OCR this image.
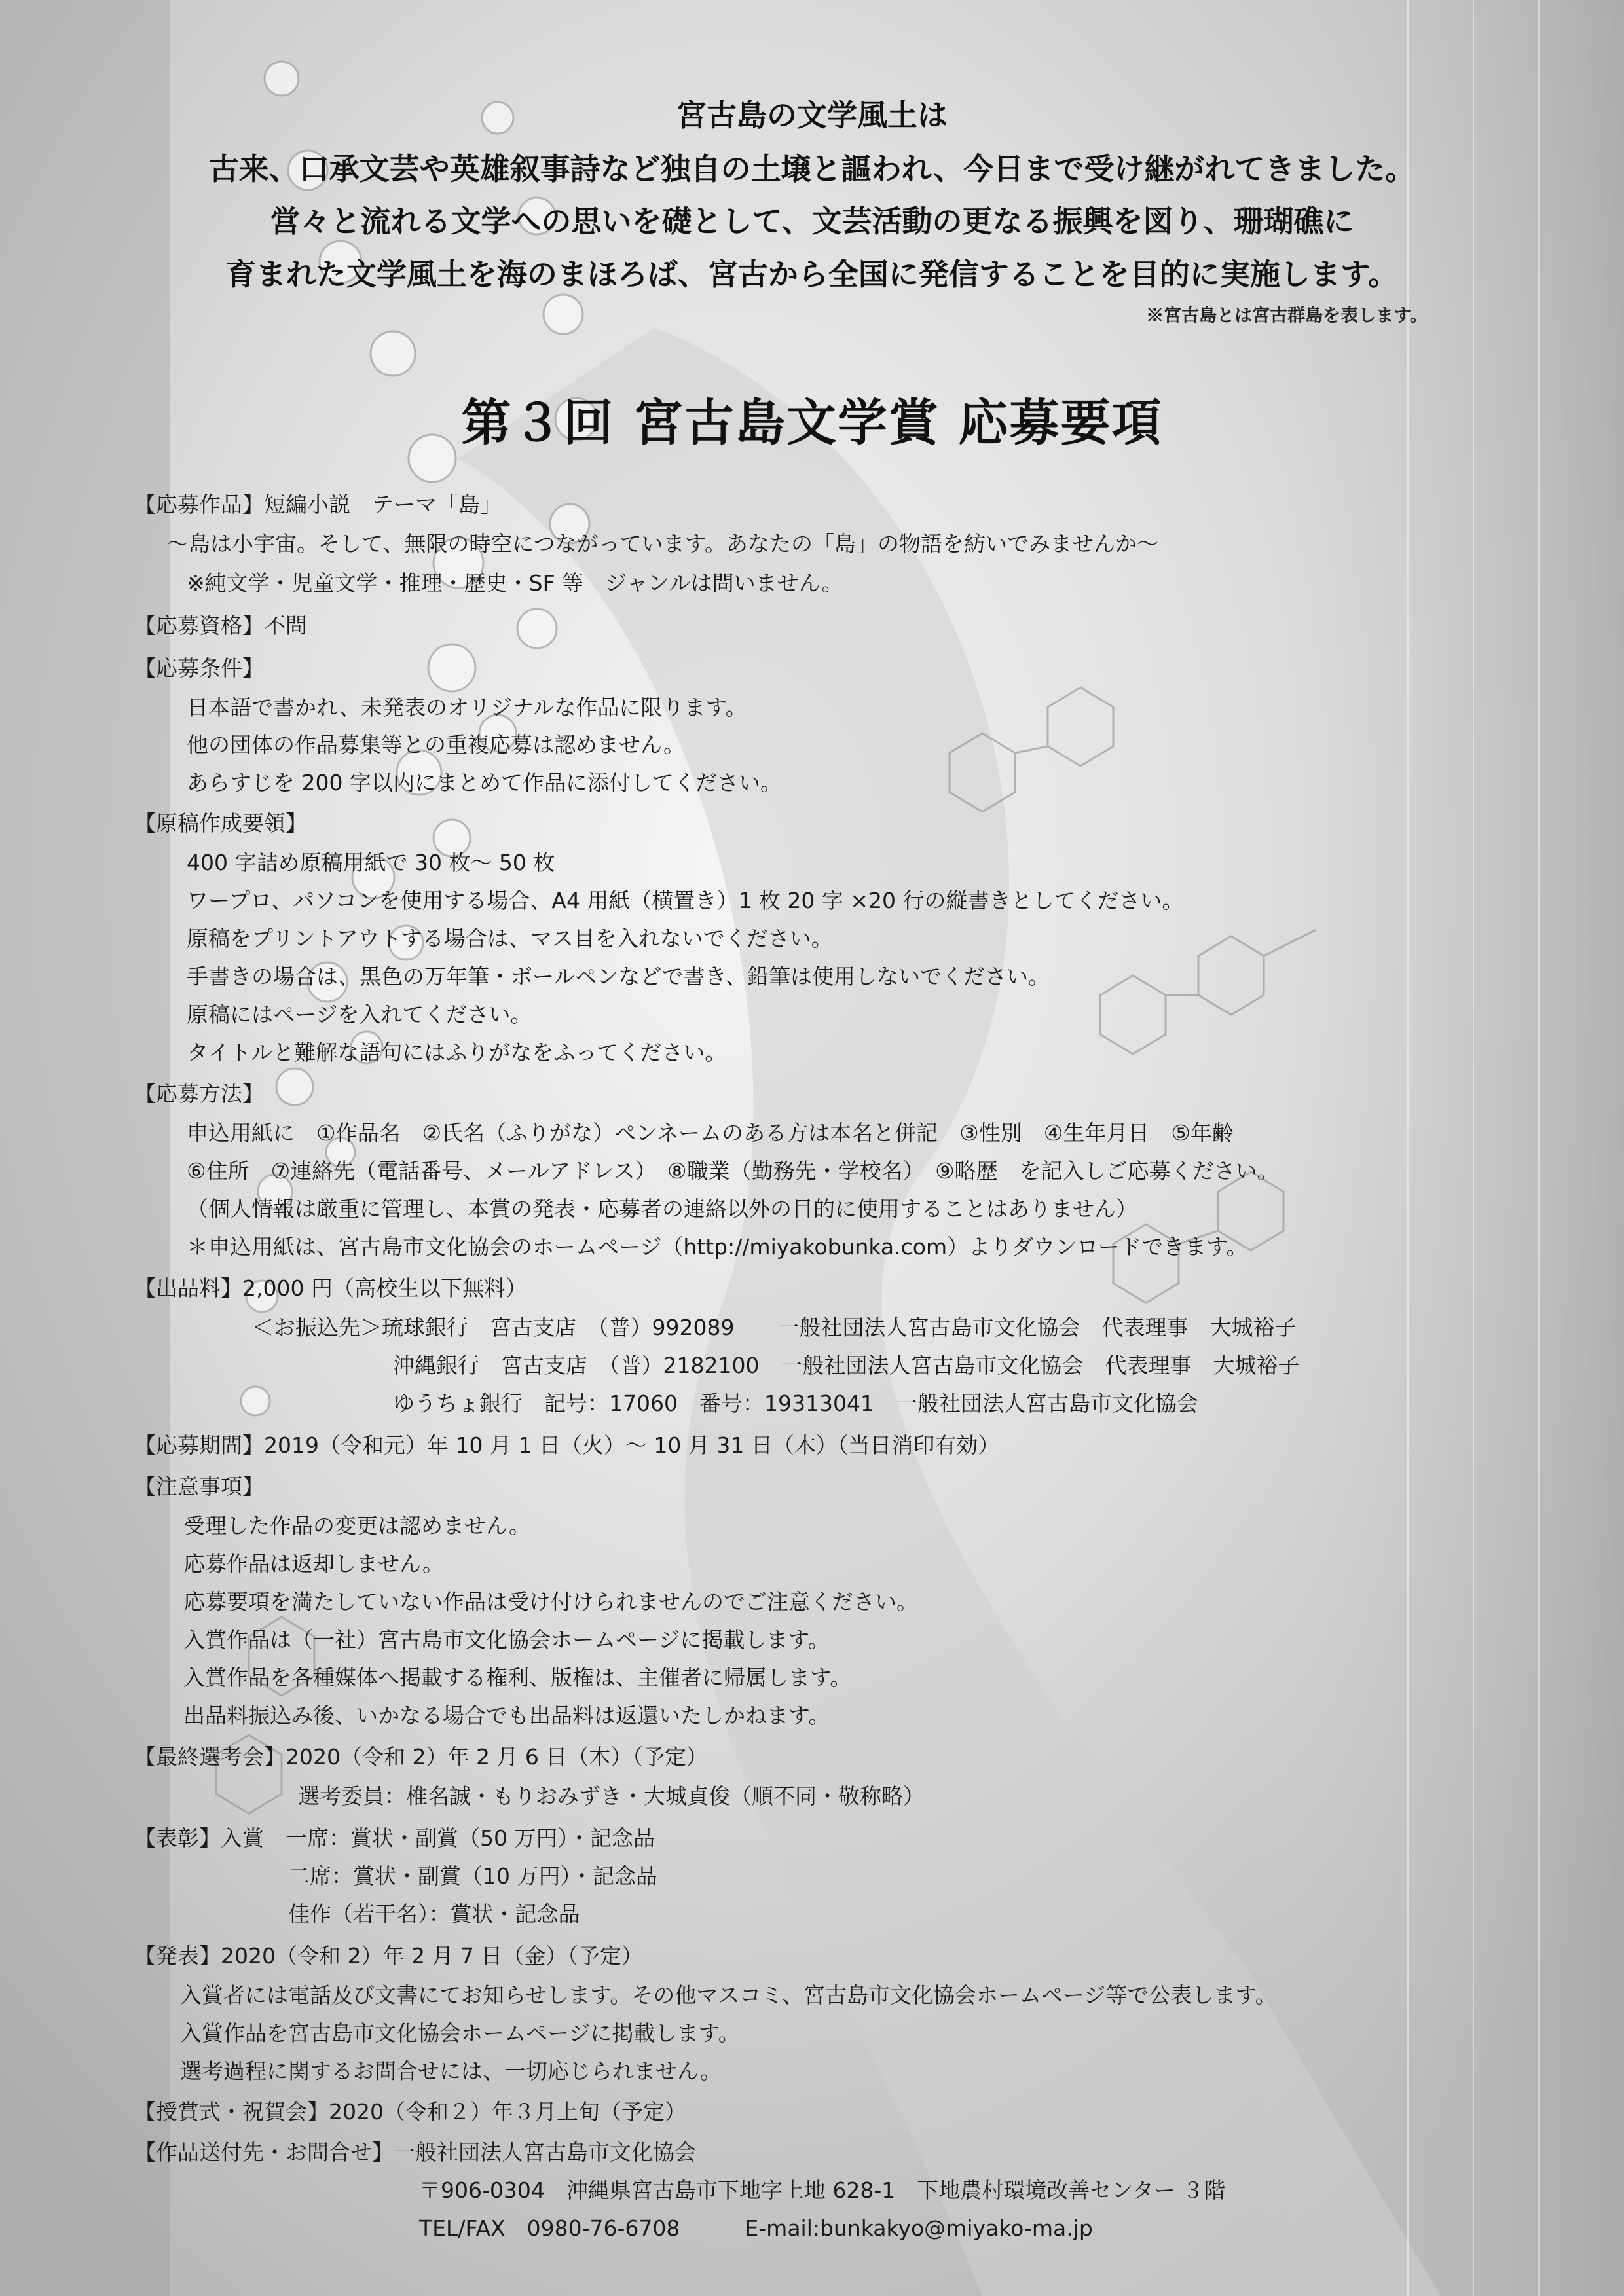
宮古島の文学風土は
古来、口承文芸や英雄叙事詩など独自の土壌と謳われ、今日まで受け継がれてきました。
営々と流れる文学への思いを礎として、文芸活動の更なる振興を図り、珊瑚礁に
育まれた文学風土を海のまほろば、宮古から全国に発信することを目的に実施します。
※宮古島とは宮古群島を表します。
第３回 宮古島文学賞 応募要項
【応募作品】短編小説　テーマ「島」
～島は小宇宙。そして、無限の時空につながっています。あなたの「島」の物語を紡いでみませんか～
※純文学・児童文学・推理・歴史・SF 等　ジャンルは問いません。
【応募資格】不問
【応募条件】
日本語で書かれ、未発表のオリジナルな作品に限ります。
他の団体の作品募集等との重複応募は認めません。
あらすじを 200 字以内にまとめて作品に添付してください。
【原稿作成要領】
400 字詰め原稿用紙で 30 枚～ 50 枚
ワープロ、パソコンを使用する場合、A4 用紙（横置き）1 枚 20 字 ×20 行の縦書きとしてください。
原稿をプリントアウトする場合は、マス目を入れないでください。
手書きの場合は、黒色の万年筆・ボールペンなどで書き、鉛筆は使用しないでください。
原稿にはページを入れてください。
タイトルと難解な語句にはふりがなをふってください。
【応募方法】
申込用紙に　①作品名　②氏名（ふりがな）ペンネームのある方は本名と併記　③性別　④生年月日　⑤年齢
⑥住所　⑦連絡先（電話番号、メールアドレス）　⑧職業（勤務先・学校名）　⑨略歴　を記入しご応募ください。
（個人情報は厳重に管理し、本賞の発表・応募者の連絡以外の目的に使用することはありません）
＊申込用紙は、宮古島市文化協会のホームページ（http://miyakobunka.com）よりダウンロードできます。
【出品料】2,000 円（高校生以下無料）
＜お振込先＞琉球銀行　宮古支店　（普）992089　　一般社団法人宮古島市文化協会　代表理事　大城裕子
沖縄銀行　宮古支店　（普）2182100　一般社団法人宮古島市文化協会　代表理事　大城裕子
ゆうちょ銀行　記号：17060　番号：19313041　一般社団法人宮古島市文化協会
【応募期間】2019（令和元）年 10 月 1 日（火）～ 10 月 31 日（木）（当日消印有効）
【注意事項】
受理した作品の変更は認めません。
応募作品は返却しません。
応募要項を満たしていない作品は受け付けられませんのでご注意ください。
入賞作品は（一社）宮古島市文化協会ホームページに掲載します。
入賞作品を各種媒体へ掲載する権利、版権は、主催者に帰属します。
出品料振込み後、いかなる場合でも出品料は返還いたしかねます。
【最終選考会】2020（令和 2）年 2 月 6 日（木）（予定）
選考委員：椎名誠・もりおみずき・大城貞俊（順不同・敬称略）
【表彰】入賞　一席：賞状・副賞（50 万円）・記念品
二席：賞状・副賞（10 万円）・記念品
佳作（若干名）：賞状・記念品
【発表】2020（令和 2）年 2 月 7 日（金）（予定）
入賞者には電話及び文書にてお知らせします。その他マスコミ、宮古島市文化協会ホームページ等で公表します。
入賞作品を宮古島市文化協会ホームページに掲載します。
選考過程に関するお問合せには、一切応じられません。
【授賞式・祝賀会】2020（令和２）年３月上旬（予定）
【作品送付先・お問合せ】一般社団法人宮古島市文化協会
〒906-0304　沖縄県宮古島市下地字上地 628-1　下地農村環境改善センター ３階
TEL/FAX　0980-76-6708　　　E-mail:bunkakyo@miyako-ma.jp
